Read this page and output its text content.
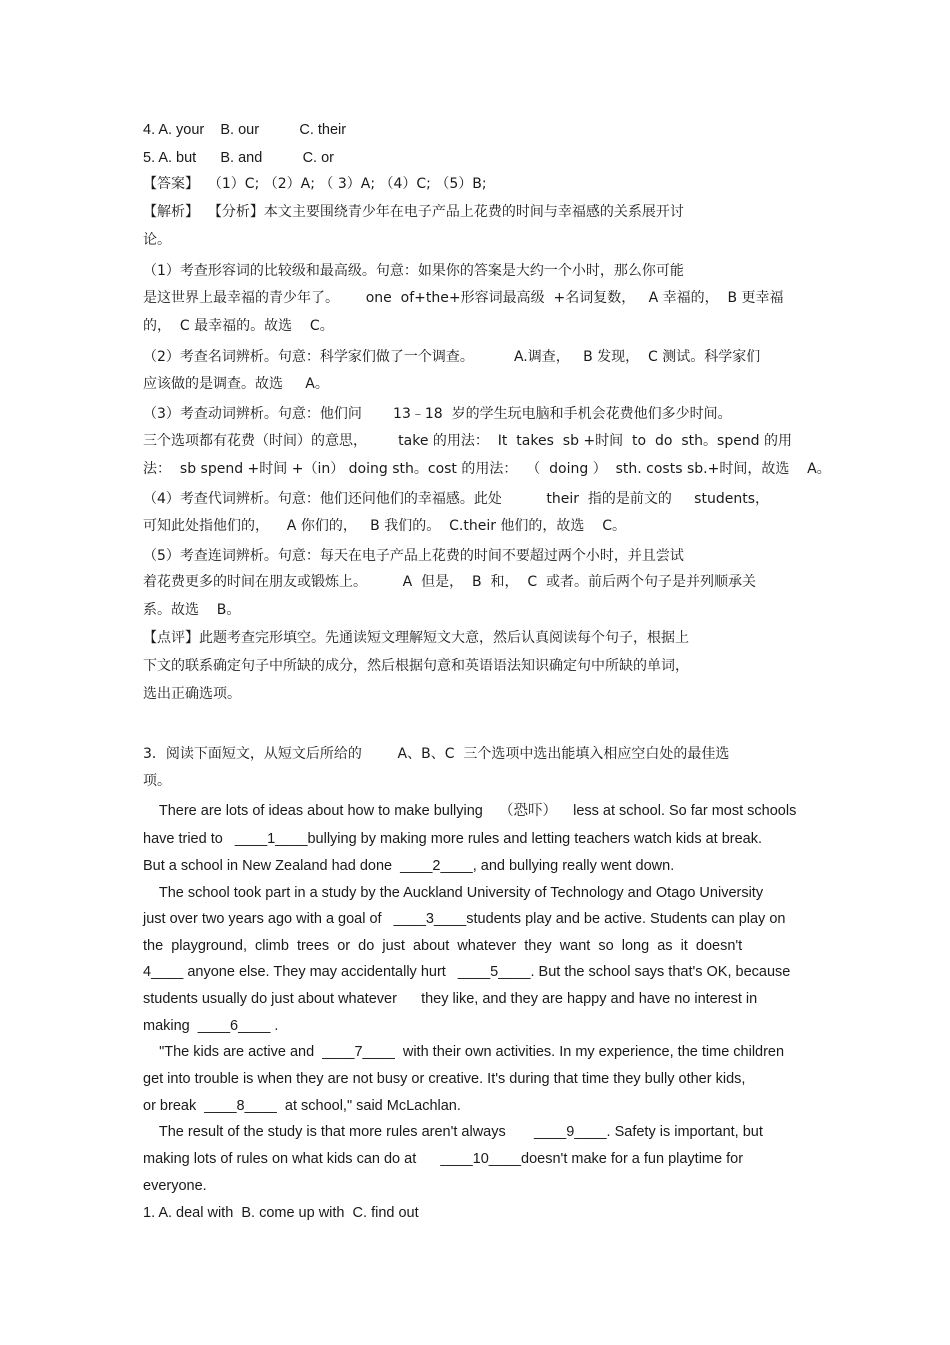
4. A. your    B. our          C. their
5. A. but      B. and          C. or
【答案】  （1）C; （2）A; （ 3）A; （4）C; （5）B;
【解析】  【分析】本文主要围绕青少年在电子产品上花费的时间与幸福感的关系展开讨
论。
（1）考查形容词的比较级和最高级。句意：如果你的答案是大约一个小时，那么你可能
是这世界上最幸福的青少年了。      one  of+the+形容词最高级  +名词复数，   A 幸福的，  B 更幸福
的，  C 最幸福的。故选    C。
（2）考查名词辨析。句意：科学家们做了一个调查。         A.调查，   B 发现，  C 测试。科学家们
应该做的是调查。故选     A。
（3）考查动词辨析。句意：他们问       13﹣18  岁的学生玩电脑和手机会花费他们多少时间。
三个选项都有花费（时间）的意思，       take 的用法：  It  takes  sb +时间  to  do  sth。spend 的用
法：  sb spend +时间 +（in） doing sth。cost 的用法：  （  doing ）  sth. costs sb.+时间，故选    A。
（4）考查代词辨析。句意：他们还问他们的幸福感。此处          their  指的是前文的     students，
可知此处指他们的，    A 你们的，   B 我们的。  C.their 他们的，故选    C。
（5）考查连词辨析。句意：每天在电子产品上花费的时间不要超过两个小时，并且尝试
着花费更多的时间在朋友或锻炼上。        A  但是，  B  和，  C  或者。前后两个句子是并列顺承关
系。故选    B。
【点评】此题考查完形填空。先通读短文理解短文大意，然后认真阅读每个句子，根据上
下文的联系确定句子中所缺的成分，然后根据句意和英语语法知识确定句中所缺的单词，
选出正确选项。
3．阅读下面短文，从短文后所给的        A、B、C  三个选项中选出能填入相应空白处的最佳选
项。
There are lots of ideas about how to make bullying    （恐吓）    less at school. So far most schools
have tried to   ____1____bullying by making more rules and letting teachers watch kids at break.
But a school in New Zealand had done  ____2____, and bullying really went down.
The school took part in a study by the Auckland University of Technology and Otago University
just over two years ago with a goal of   ____3____students play and be active. Students can play on
the  playground,  climb  trees  or  do  just  about  whatever  they  want  so  long  as  it  doesn't
4____ anyone else. They may accidentally hurt   ____5____. But the school says that's OK, because
students usually do just about whatever      they like, and they are happy and have no interest in
making  ____6____ .
"The kids are active and  ____7____  with their own activities. In my experience, the time children
get into trouble is when they are not busy or creative. It's during that time they bully other kids,
or break  ____8____  at school," said McLachlan.
The result of the study is that more rules aren't always       ____9____. Safety is important, but
making lots of rules on what kids can do at      ____10____doesn't make for a fun playtime for
everyone.
1. A. deal with  B. come up with  C. find out
